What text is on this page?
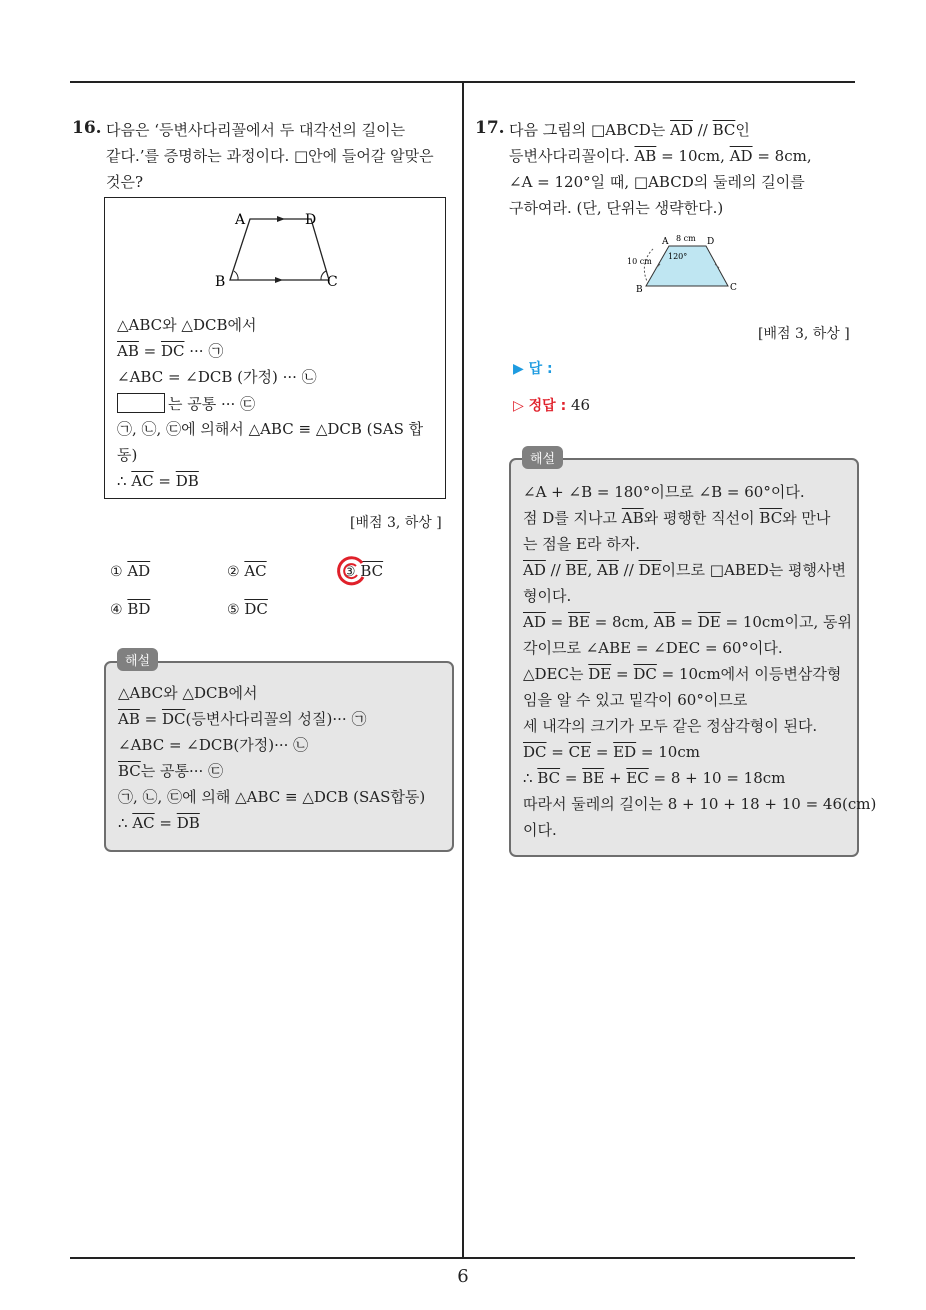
6
16. 다음은 ‘등변사다리꼴에서 두 대각선의 길이는
같다.’를 증명하는 과정이다. □안에 들어갈 알맞은
것은?
A	D
B	C
△ABC와 △DCB에서
$\overline{AB} = \overline{DC}$ ··· ㉠
∠ABC = ∠DCB (가정) ··· ㉡
는 공통 ··· ㉢
㉠, ㉡, ㉢에 의해서 △ABC ≡ △DCB (SAS 합
동)
∴ $\overline{AC} = \overline{DB}$
[배점 3, 하상 ]
① $\overline{AD}$	② $\overline{AC}$	③ $\overline{BC}$
④ $\overline{BD}$	⑤ $\overline{DC}$
△ABC와 △DCB에서
$\overline{AB} = \overline{DC}$(등변사다리꼴의 성질)··· ㉠
∠ABC = ∠DCB(가정)··· ㉡
$\overline{BC}$는 공통··· ㉢
㉠, ㉡, ㉢에 의해 △ABC ≡ △DCB (SAS합동)
∴ $\overline{AC} = \overline{DB}$
해설
17. 다음 그림의 □ABCD는 $\overline{AD} // \overline{BC}$인
등변사다리꼴이다. $\overline{AB} = 10cm$, $\overline{AD} = 8cm$,
∠A = 120°일 때, □ABCD의 둘레의 길이를
구하여라. (단, 단위는 생략한다.)
A	D
B	C
8 cm
10 cm
120°
[배점 3, 하상 ]
▶ 답 :
▷ 정답 : 46
∠A + ∠B = 180°이므로 ∠B = 60°이다.
점 D를 지나고 $\overline{AB}$와 평행한 직선이 $\overline{BC}$와 만나
는 점을 E라 하자.
$\overline{AD} // \overline{BE}$, $\overline{AB} // \overline{DE}$이므로 □ABED는 평행사변
형이다.
$\overline{AD} = \overline{BE} = 8cm$, $\overline{AB} = \overline{DE} = 10cm$이고, 동위
각이므로 ∠ABE = ∠DEC = 60°이다.
△DEC는 $\overline{DE} = \overline{DC} = 10cm$에서 이등변삼각형
임을 알 수 있고 밑각이 60°이므로
세 내각의 크기가 모두 같은 정삼각형이 된다.
$\overline{DC} = \overline{CE} = \overline{ED} = 10cm$
∴ $\overline{BC} = \overline{BE} + \overline{EC} = 8 + 10 = 18cm$
따라서 둘레의 길이는 8 + 10 + 18 + 10 = 46(cm)
이다.
해설
